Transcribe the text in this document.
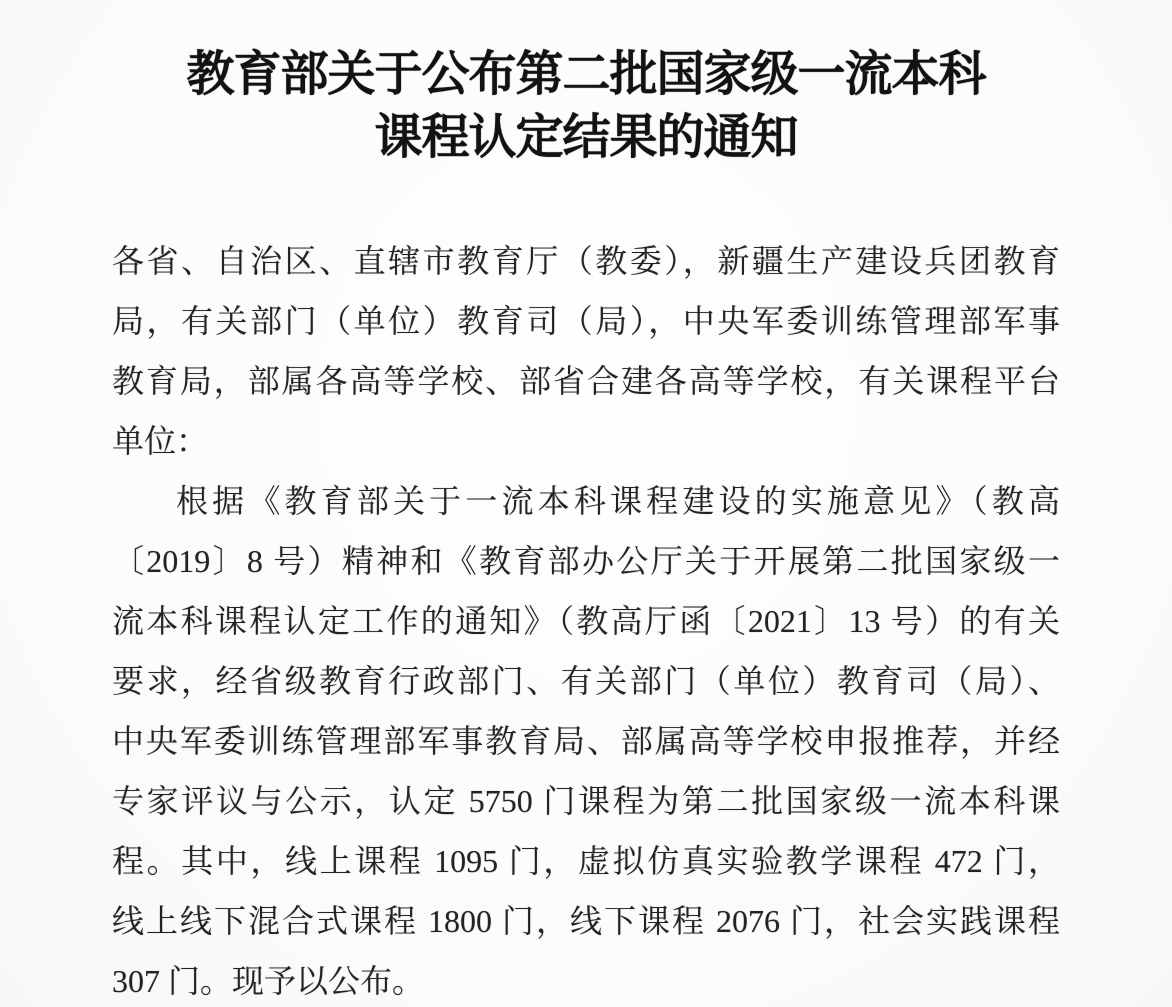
教育部关于公布第二批国家级一流本科
课程认定结果的通知
各省、自治区、直辖市教育厅（教委），新疆生产建设兵团教育
局，有关部门（单位）教育司（局），中央军委训练管理部军事
教育局，部属各高等学校、部省合建各高等学校，有关课程平台
单位：
根据《教育部关于一流本科课程建设的实施意见》（教高
〔2019〕8 号）精神和《教育部办公厅关于开展第二批国家级一
流本科课程认定工作的通知》（教高厅函〔2021〕13 号）的有关
要求，经省级教育行政部门、有关部门（单位）教育司（局）、
中央军委训练管理部军事教育局、部属高等学校申报推荐，并经
专家评议与公示，认定 5750 门课程为第二批国家级一流本科课
程。其中，线上课程 1095 门，虚拟仿真实验教学课程 472 门，
线上线下混合式课程 1800 门，线下课程 2076 门，社会实践课程
307 门。现予以公布。
